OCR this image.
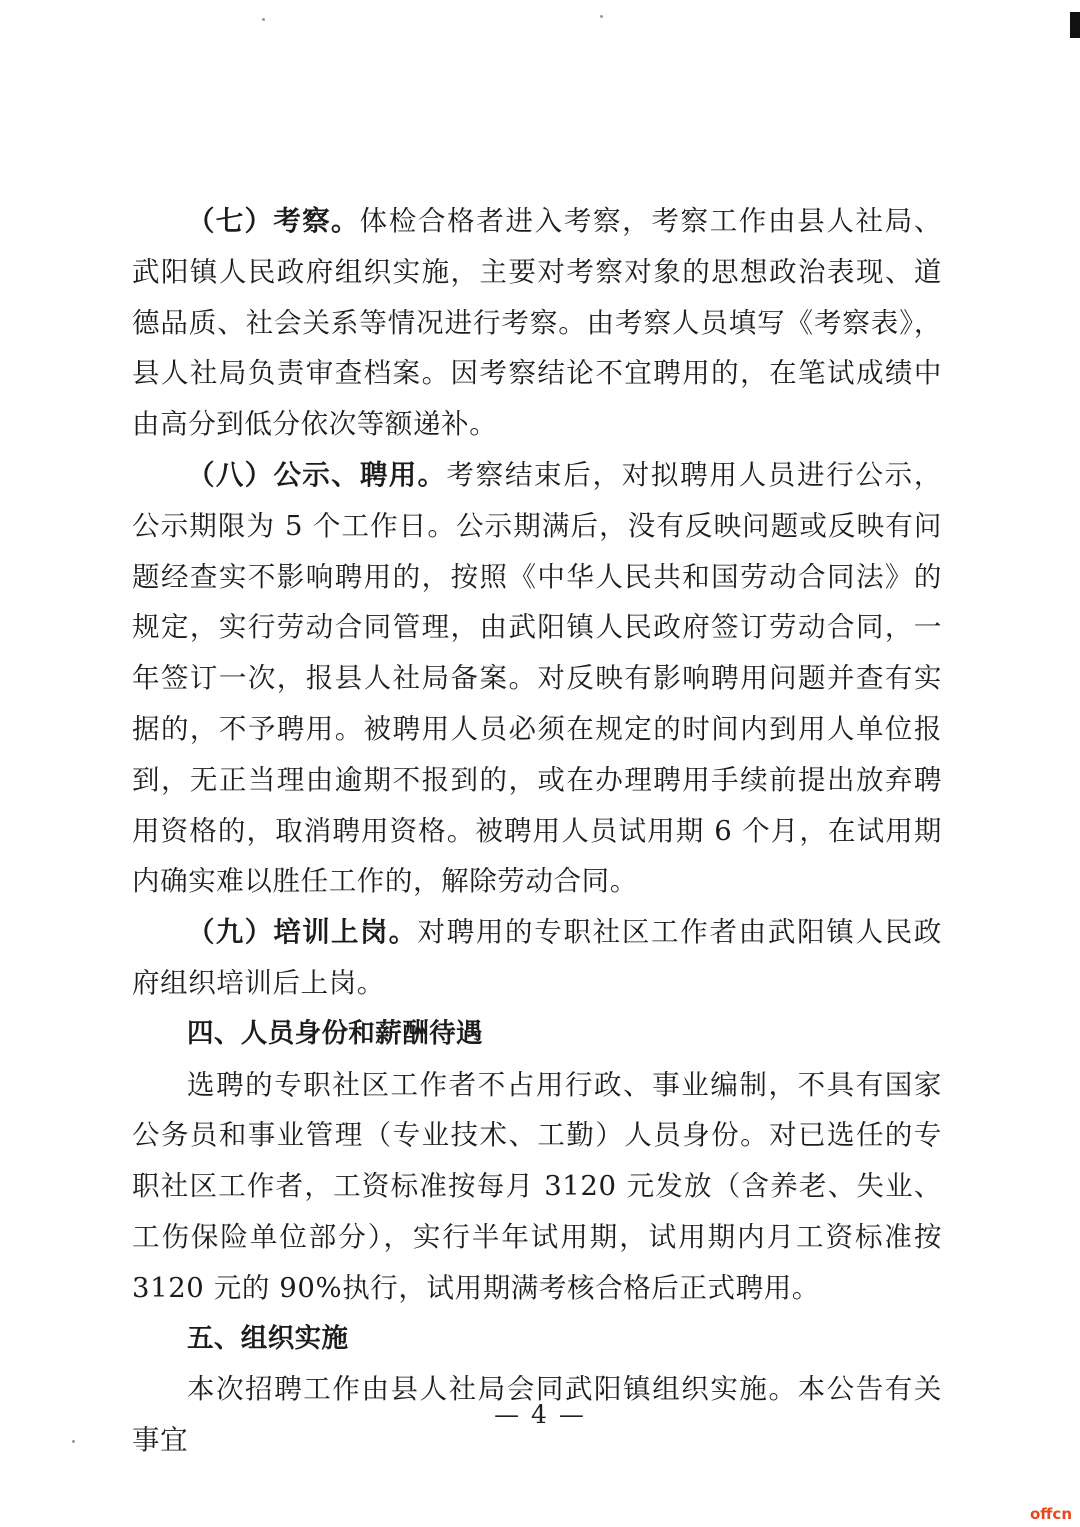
（七）考察。体检合格者进入考察，考察工作由县人社局、武阳镇人民政府组织实施，主要对考察对象的思想政治表现、道德品质、社会关系等情况进行考察。由考察人员填写《考察表》，县人社局负责审查档案。因考察结论不宜聘用的，在笔试成绩中由高分到低分依次等额递补。

（八）公示、聘用。考察结束后，对拟聘用人员进行公示，公示期限为 5 个工作日。公示期满后，没有反映问题或反映有问题经查实不影响聘用的，按照《中华人民共和国劳动合同法》的规定，实行劳动合同管理，由武阳镇人民政府签订劳动合同，一年签订一次，报县人社局备案。对反映有影响聘用问题并查有实据的，不予聘用。被聘用人员必须在规定的时间内到用人单位报到，无正当理由逾期不报到的，或在办理聘用手续前提出放弃聘用资格的，取消聘用资格。被聘用人员试用期 6 个月，在试用期内确实难以胜任工作的，解除劳动合同。

（九）培训上岗。对聘用的专职社区工作者由武阳镇人民政府组织培训后上岗。

四、人员身份和薪酬待遇

选聘的专职社区工作者不占用行政、事业编制，不具有国家公务员和事业管理（专业技术、工勤）人员身份。对已选任的专职社区工作者，工资标准按每月 3120 元发放（含养老、失业、工伤保险单位部分），实行半年试用期，试用期内月工资标准按 3120 元的 90%执行，试用期满考核合格后正式聘用。

五、组织实施

本次招聘工作由县人社局会同武阳镇组织实施。本公告有关事宜

— 4 —
offcn
